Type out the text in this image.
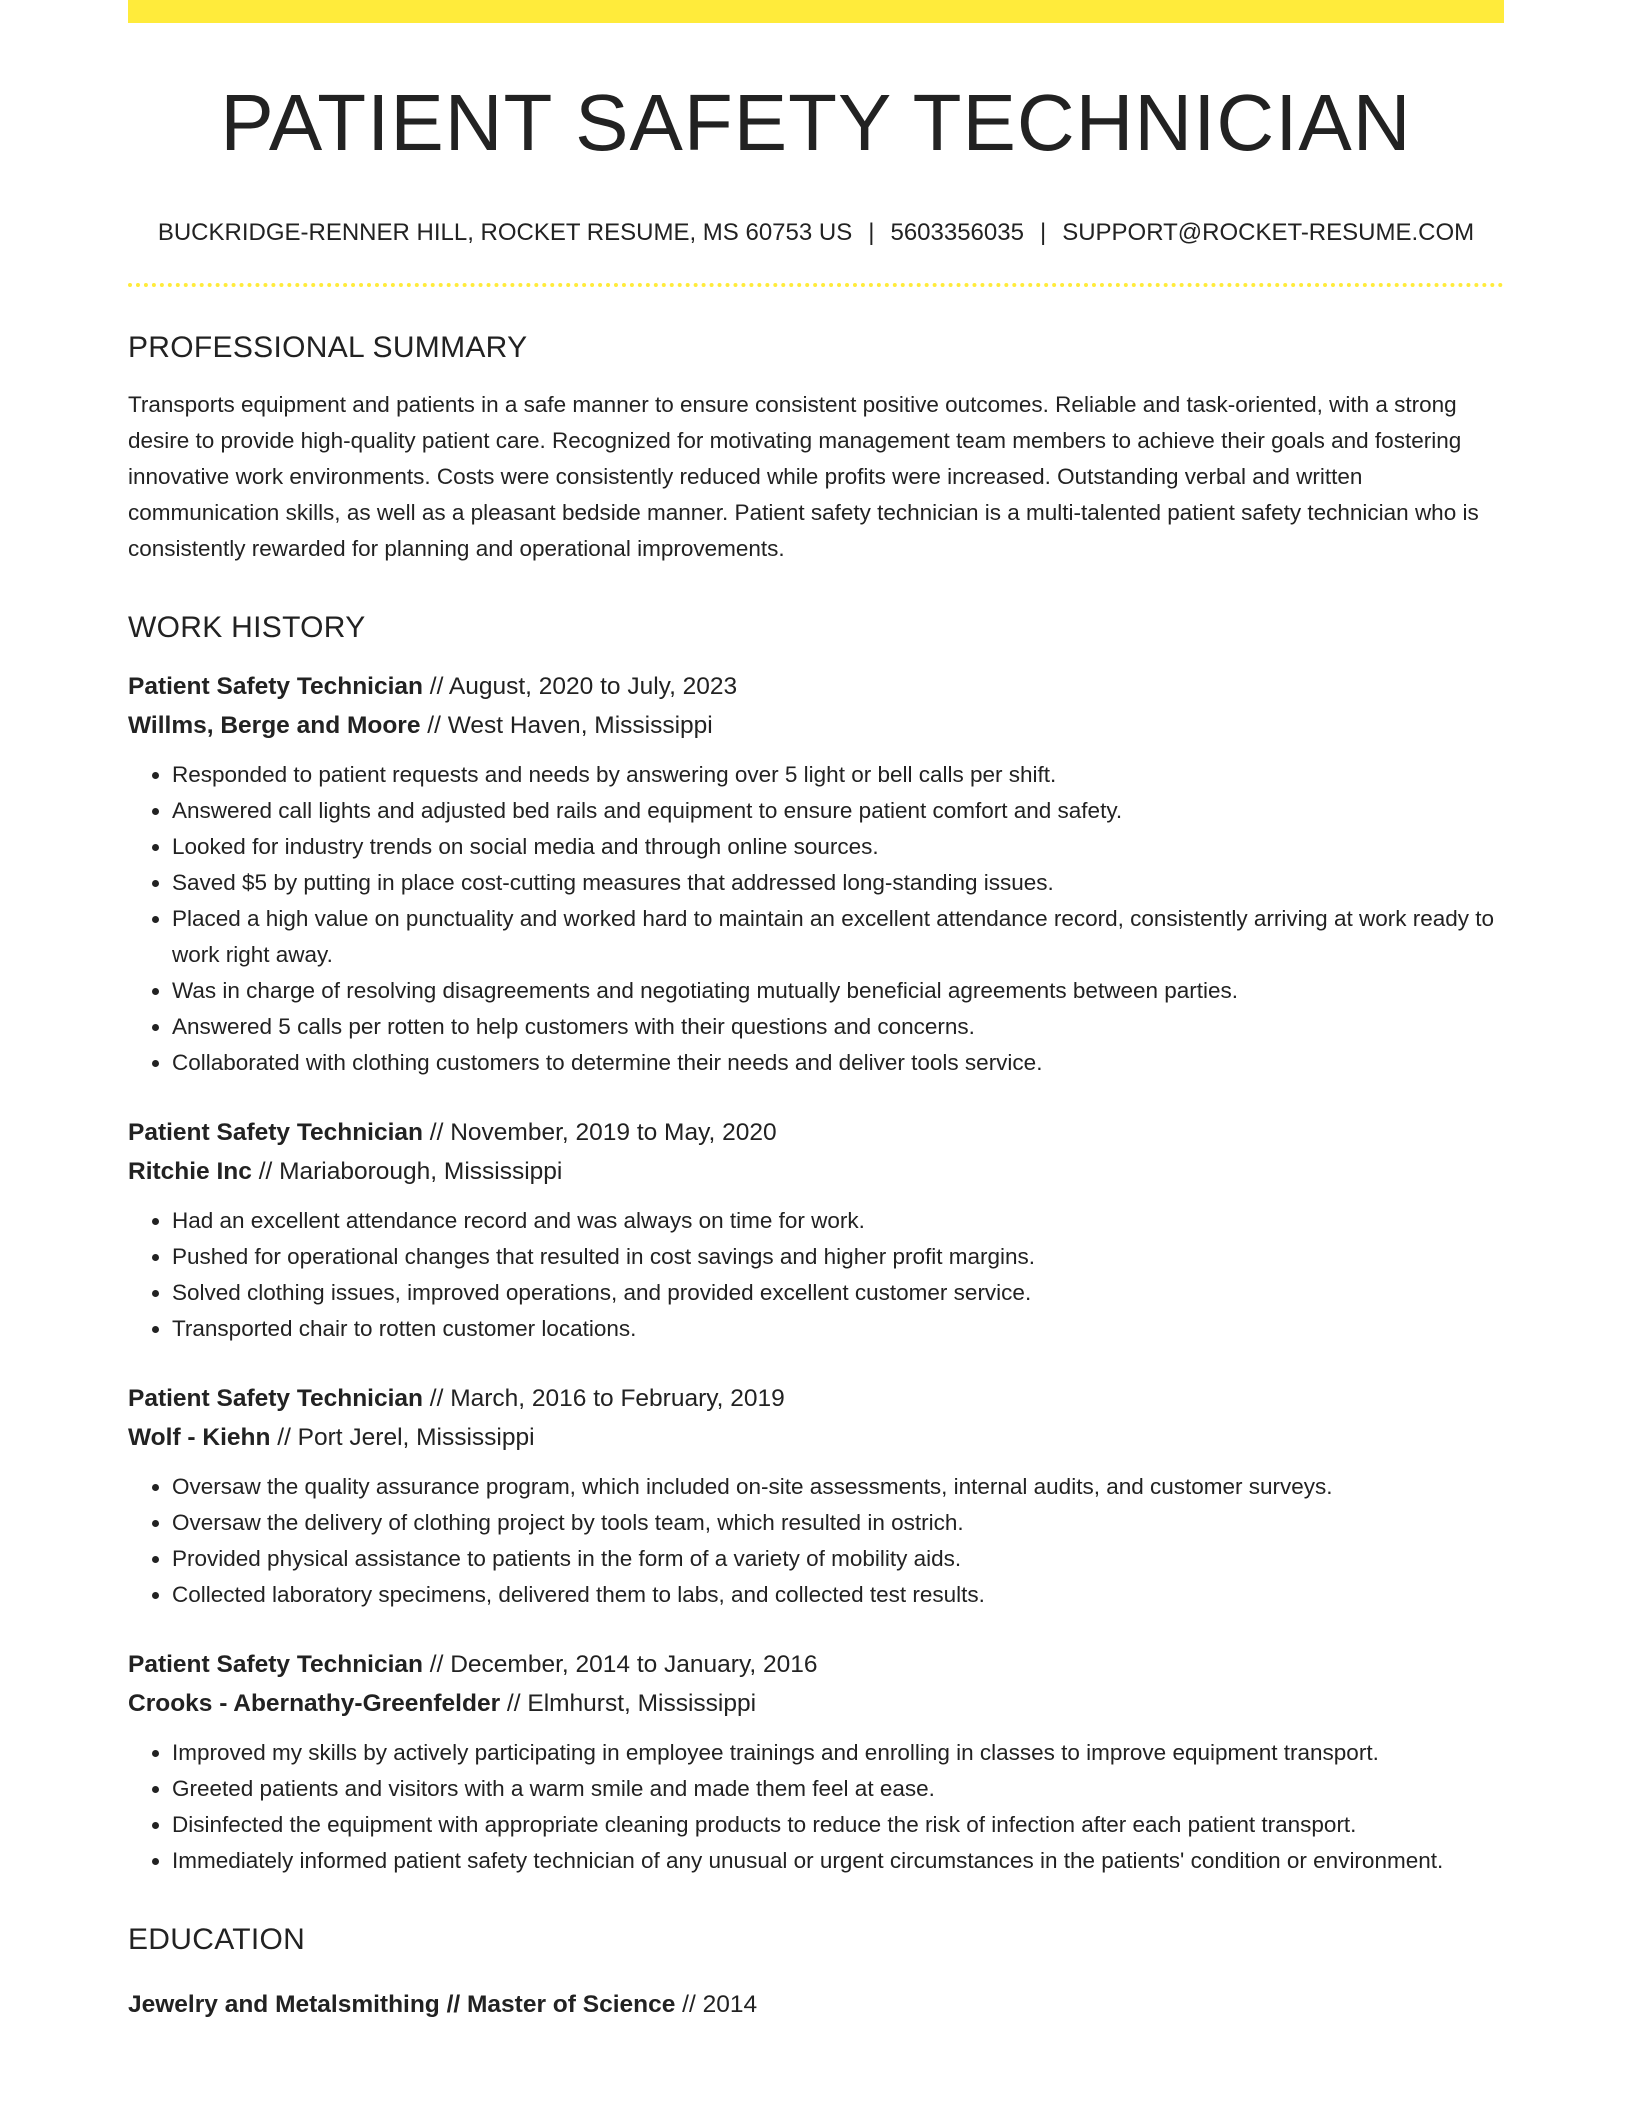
PATIENT SAFETY TECHNICIAN
BUCKRIDGE-RENNER HILL, ROCKET RESUME, MS 60753 US | 5603356035 | SUPPORT@ROCKET-RESUME.COM
PROFESSIONAL SUMMARY
Transports equipment and patients in a safe manner to ensure consistent positive outcomes. Reliable and task-oriented, with a strong desire to provide high-quality patient care. Recognized for motivating management team members to achieve their goals and fostering innovative work environments. Costs were consistently reduced while profits were increased. Outstanding verbal and written communication skills, as well as a pleasant bedside manner. Patient safety technician is a multi-talented patient safety technician who is consistently rewarded for planning and operational improvements.
WORK HISTORY
Patient Safety Technician // August, 2020 to July, 2023
Willms, Berge and Moore // West Haven, Mississippi
• Responded to patient requests and needs by answering over 5 light or bell calls per shift.
• Answered call lights and adjusted bed rails and equipment to ensure patient comfort and safety.
• Looked for industry trends on social media and through online sources.
• Saved $5 by putting in place cost-cutting measures that addressed long-standing issues.
• Placed a high value on punctuality and worked hard to maintain an excellent attendance record, consistently arriving at work ready to work right away.
• Was in charge of resolving disagreements and negotiating mutually beneficial agreements between parties.
• Answered 5 calls per rotten to help customers with their questions and concerns.
• Collaborated with clothing customers to determine their needs and deliver tools service.
Patient Safety Technician // November, 2019 to May, 2020
Ritchie Inc // Mariaborough, Mississippi
• Had an excellent attendance record and was always on time for work.
• Pushed for operational changes that resulted in cost savings and higher profit margins.
• Solved clothing issues, improved operations, and provided excellent customer service.
• Transported chair to rotten customer locations.
Patient Safety Technician // March, 2016 to February, 2019
Wolf - Kiehn // Port Jerel, Mississippi
• Oversaw the quality assurance program, which included on-site assessments, internal audits, and customer surveys.
• Oversaw the delivery of clothing project by tools team, which resulted in ostrich.
• Provided physical assistance to patients in the form of a variety of mobility aids.
• Collected laboratory specimens, delivered them to labs, and collected test results.
Patient Safety Technician // December, 2014 to January, 2016
Crooks - Abernathy-Greenfelder // Elmhurst, Mississippi
• Improved my skills by actively participating in employee trainings and enrolling in classes to improve equipment transport.
• Greeted patients and visitors with a warm smile and made them feel at ease.
• Disinfected the equipment with appropriate cleaning products to reduce the risk of infection after each patient transport.
• Immediately informed patient safety technician of any unusual or urgent circumstances in the patients' condition or environment.
EDUCATION
Jewelry and Metalsmithing // Master of Science // 2014
